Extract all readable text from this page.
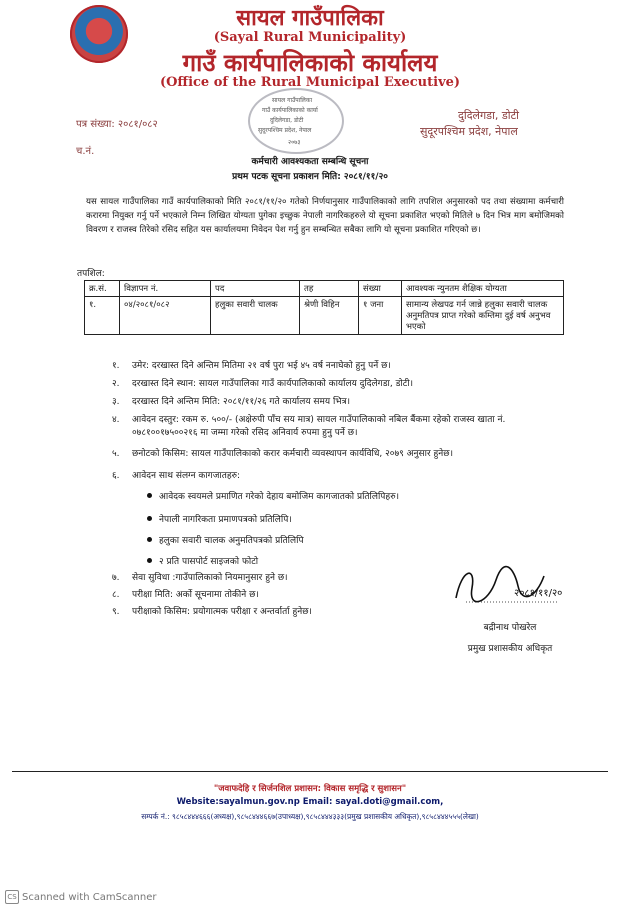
सायल गाउँपालिका
(Sayal Rural Municipality)
गाउँ कार्यपालिकाको कार्यालय
(Office of the Rural Municipal Executive)
सायल गाउँपालिका
गाउँ कार्यपालिकाको कार्या
दुदिलेगडा, डोटी
सुदूरपश्चिम प्रदेश, नेपाल
२०७३
पत्र संख्या: २०८१/०८२
च.नं.
दुदिलेगडा, डोटी
सुदूरपश्चिम प्रदेश, नेपाल
कर्मचारी आवश्यकता सम्बन्धि सूचना
प्रथम पटक सूचना प्रकाशन मिति: २०८१/११/२०
यस सायल गाउँपालिका गाउँ कार्यपालिकाको मिति २०८१/११/२० गतेको निर्णयानुसार गाउँपालिकाको लागि तपशिल अनुसारको पद तथा संख्यामा कर्मचारी करारमा नियुक्त गर्नु पर्ने भएकाले निम्न लिखित योग्यता पुगेका इच्छुक नेपाली नागरिकहरुले यो सूचना प्रकाशित भएको मितिले ७ दिन भित्र माग बमोजिमको विवरण र राजस्व तिरेको रसिद सहित यस कार्यालयमा निवेदन पेश गर्नु हुन सम्बन्धित सबैका लागि यो सूचना प्रकाशित गरिएको छ।
तपशिल:
क्र.सं.	विज्ञापन नं.	पद	तह	संख्या	आवश्यक न्युनतम शैक्षिक योग्यता
१.	०४/२०८१/०८२	हलुका सवारी चालक	श्रेणी विहिन	१ जना	सामान्य लेखपढ गर्न जान्ने हलुका सवारी चालक अनुमतिपत्र प्राप्त गरेको कम्तिमा दुई वर्ष अनुभव भएको
१.	उमेर: दरखास्त दिने अन्तिम मितिमा २१ वर्ष पुरा भई ४५ वर्ष ननाघेको हुनु पर्ने छ।
२.	दरखास्त दिने स्थान: सायल गाउँपालिका गाउँ कार्यपालिकाको कार्यालय दुदिलेगडा, डोटी।
३.	दरखास्त दिने अन्तिम मिति: २०८१/११/२६ गते कार्यालय समय भित्र।
४.	आवेदन दस्तुर: रकम रु. ५००/- (अक्षेरुपी पाँच सय मात्र) सायल गाउँपालिकाको नबिल बैंकमा रहेको राजस्व खाता नं. ०७८१००१७५००२१६ मा जम्मा गरेको रसिद अनिवार्य रुपमा हुनु पर्ने छ।
५.	छनोटको किसिम: सायल गाउँपालिकाको करार कर्मचारी व्यवस्थापन कार्यविधि, २०७९ अनुसार हुनेछ।
६.	आवेदन साथ संलग्न कागजातहरु:
आवेदक स्वयमले प्रमाणित गरेको देहाय बमोजिम कागजातको प्रतिलिपिहरु।
नेपाली नागरिकता प्रमाणपत्रको प्रतिलिपि।
हलुका सवारी चालक अनुमतिपत्रको प्रतिलिपि
२ प्रति पासपोर्ट साइजको फोटो
७.	सेवा सुविधा :गाउँपालिकाको नियमानुसार हुने छ।
८.	परीक्षा मिति: अर्को सूचनामा तोकीने छ।
९.	परीक्षाको किसिम: प्रयोगात्मक परीक्षा र अन्तर्वार्ता हुनेछ।
२०८१/११/२०
बद्रीनाथ पोखरेल
प्रमुख प्रशासकीय अधिकृत
"जवाफदेहि र सिर्जनशिल प्रशासन: विकास समृद्धि र सुशासन"
Website:sayalmun.gov.np Email: sayal.doti@gmail.com,
सम्पर्क नं.: ९८५८४४४६६६(अध्यक्ष),९८५८४४४६६७(उपाध्यक्ष),९८५८४४४३३३(प्रमुख प्रशासकीय अधिकृत),९८५८४४४५५५(लेखा)
CS Scanned with CamScanner
